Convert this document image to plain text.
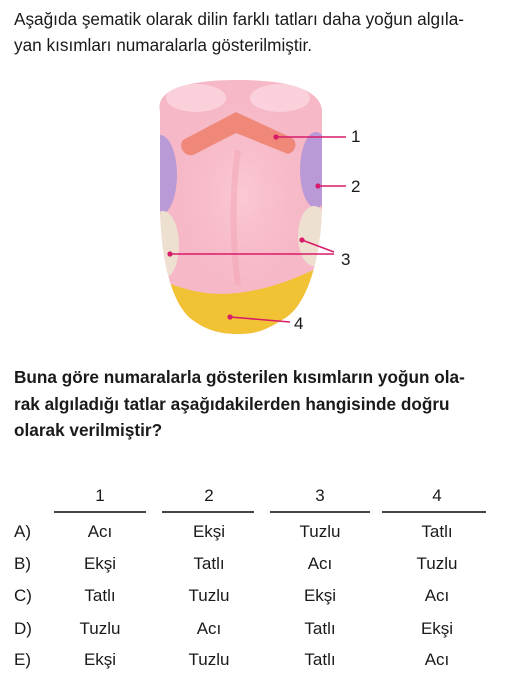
Aşağıda şematik olarak dilin farklı tatları daha yoğun algıla-
yan kısımları numaralarla gösterilmiştir.
1
2
3
4
Buna göre numaralarla gösterilen kısımların yoğun ola-
rak algıladığı tatlar aşağıdakilerden hangisinde doğru
olarak verilmiştir?
1	2	3	4
A)	Acı	Ekşi	Tuzlu	Tatlı
B)	Ekşi	Tatlı	Acı	Tuzlu
C)	Tatlı	Tuzlu	Ekşi	Acı
D)	Tuzlu	Acı	Tatlı	Ekşi
E)	Ekşi	Tuzlu	Tatlı	Acı
